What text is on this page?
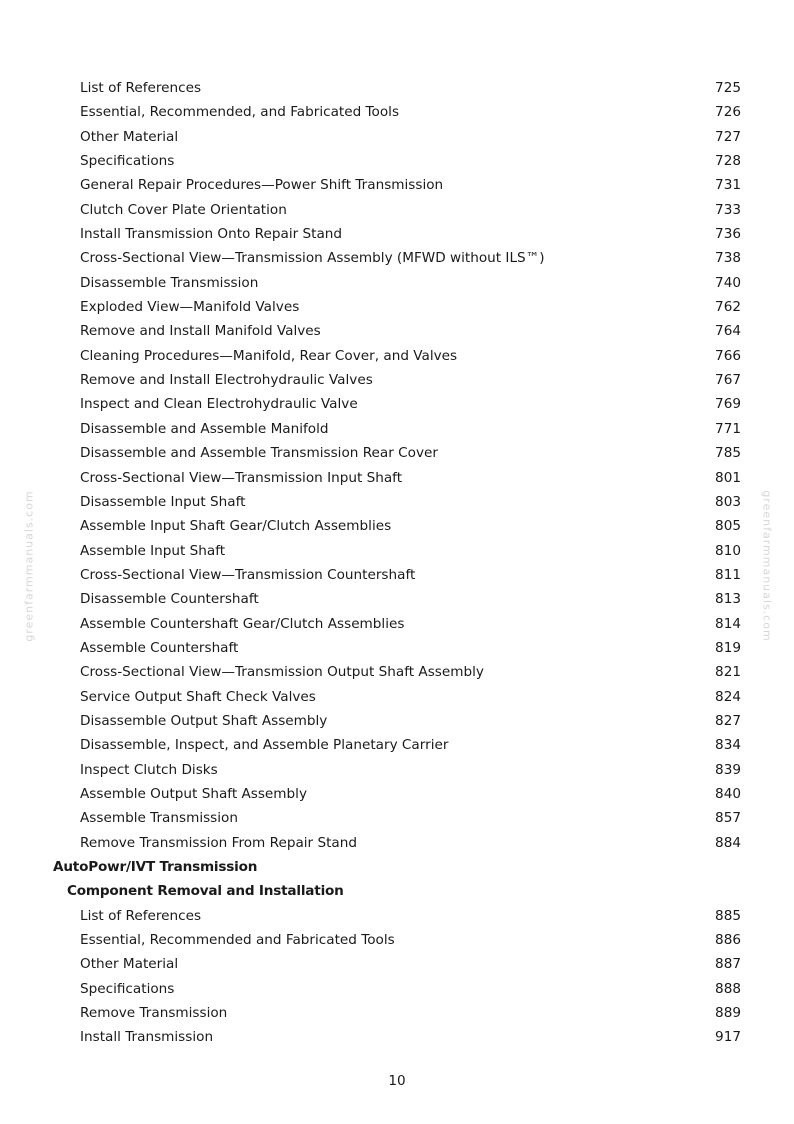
List of References	725
Essential, Recommended, and Fabricated Tools	726
Other Material	727
Specifications	728
General Repair Procedures—Power Shift Transmission	731
Clutch Cover Plate Orientation	733
Install Transmission Onto Repair Stand	736
Cross-Sectional View—Transmission Assembly (MFWD without ILS™)	738
Disassemble Transmission	740
Exploded View—Manifold Valves	762
Remove and Install Manifold Valves	764
Cleaning Procedures—Manifold, Rear Cover, and Valves	766
Remove and Install Electrohydraulic Valves	767
Inspect and Clean Electrohydraulic Valve	769
Disassemble and Assemble Manifold	771
Disassemble and Assemble Transmission Rear Cover	785
Cross-Sectional View—Transmission Input Shaft	801
Disassemble Input Shaft	803
Assemble Input Shaft Gear/Clutch Assemblies	805
Assemble Input Shaft	810
Cross-Sectional View—Transmission Countershaft	811
Disassemble Countershaft	813
Assemble Countershaft Gear/Clutch Assemblies	814
Assemble Countershaft	819
Cross-Sectional View—Transmission Output Shaft Assembly	821
Service Output Shaft Check Valves	824
Disassemble Output Shaft Assembly	827
Disassemble, Inspect, and Assemble Planetary Carrier	834
Inspect Clutch Disks	839
Assemble Output Shaft Assembly	840
Assemble Transmission	857
Remove Transmission From Repair Stand	884
AutoPowr/IVT Transmission
Component Removal and Installation
List of References	885
Essential, Recommended and Fabricated Tools	886
Other Material	887
Specifications	888
Remove Transmission	889
Install Transmission	917
10
greenfarmmanuals.com	greenfarmmanuals.com
